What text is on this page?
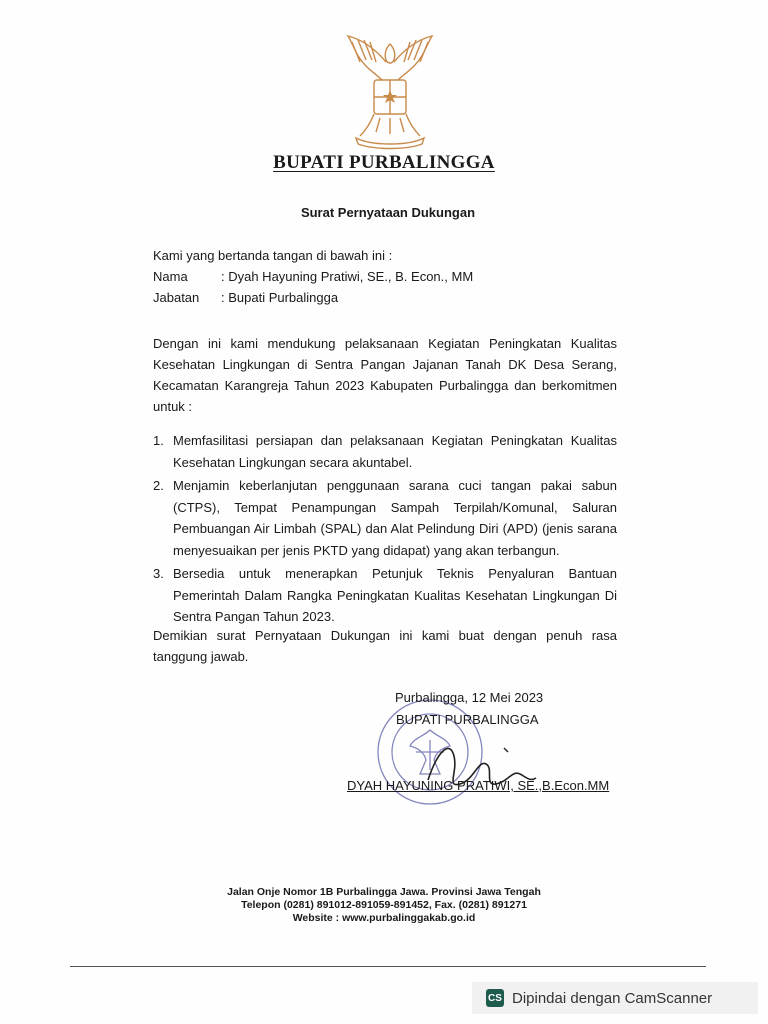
BUPATI PURBALINGGA
Surat Pernyataan Dukungan
Kami yang bertanda tangan di bawah ini :
Nama	: Dyah Hayuning Pratiwi, SE., B. Econ., MM
Jabatan	: Bupati Purbalingga
Dengan ini kami mendukung pelaksanaan Kegiatan Peningkatan Kualitas Kesehatan Lingkungan di Sentra Pangan Jajanan Tanah DK Desa Serang, Kecamatan Karangreja Tahun 2023 Kabupaten Purbalingga dan berkomitmen untuk :
1. Memfasilitasi persiapan dan pelaksanaan Kegiatan Peningkatan Kualitas Kesehatan Lingkungan secara akuntabel.
2. Menjamin keberlanjutan penggunaan sarana cuci tangan pakai sabun (CTPS), Tempat Penampungan Sampah Terpilah/Komunal, Saluran Pembuangan Air Limbah (SPAL) dan Alat Pelindung Diri (APD) (jenis sarana menyesuaikan per jenis PKTD yang didapat) yang akan terbangun.
3. Bersedia untuk menerapkan Petunjuk Teknis Penyaluran Bantuan Pemerintah Dalam Rangka Peningkatan Kualitas Kesehatan Lingkungan Di Sentra Pangan Tahun 2023.
Demikian surat Pernyataan Dukungan ini kami buat dengan penuh rasa tanggung jawab.
Purbalingga, 12 Mei 2023
BUPATI PURBALINGGA
DYAH HAYUNING PRATIWI, SE.,B.Econ.MM
Jalan Onje Nomor 1B Purbalingga Jawa. Provinsi Jawa Tengah
Telepon (0281) 891012-891059-891452, Fax. (0281) 891271
Website : www.purbalinggakab.go.id
CS Dipindai dengan CamScanner
